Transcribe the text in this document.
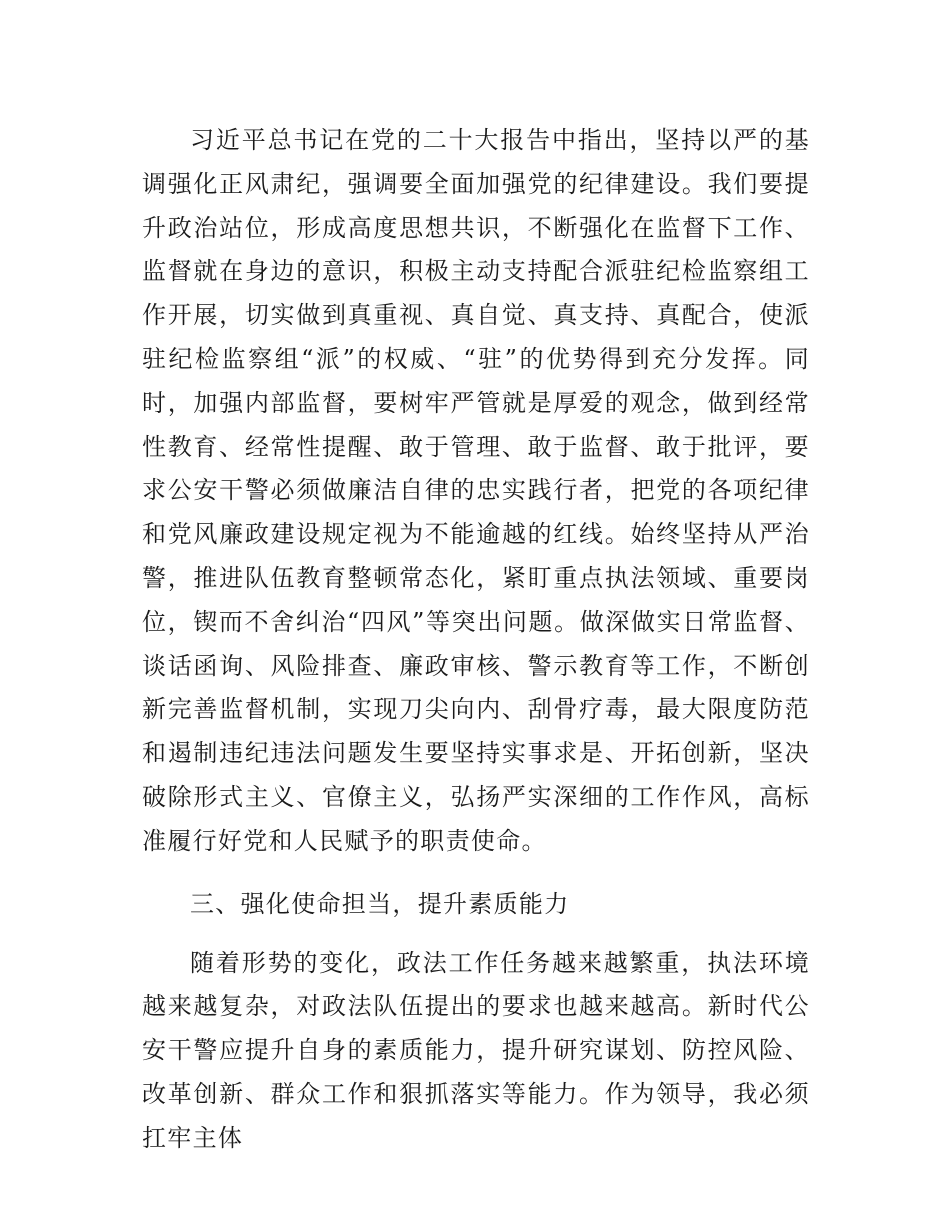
习近平总书记在党的二十大报告中指出，坚持以严的基调强化正风肃纪，强调要全面加强党的纪律建设。我们要提升政治站位，形成高度思想共识，不断强化在监督下工作、监督就在身边的意识，积极主动支持配合派驻纪检监察组工作开展，切实做到真重视、真自觉、真支持、真配合，使派驻纪检监察组“派”的权威、“驻”的优势得到充分发挥。同时，加强内部监督，要树牢严管就是厚爱的观念，做到经常性教育、经常性提醒、敢于管理、敢于监督、敢于批评，要求公安干警必须做廉洁自律的忠实践行者，把党的各项纪律和党风廉政建设规定视为不能逾越的红线。始终坚持从严治警，推进队伍教育整顿常态化，紧盯重点执法领域、重要岗位，锲而不舍纠治“四风”等突出问题。做深做实日常监督、谈话函询、风险排查、廉政审核、警示教育等工作，不断创新完善监督机制，实现刀尖向内、刮骨疗毒，最大限度防范和遏制违纪违法问题发生要坚持实事求是、开拓创新，坚决破除形式主义、官僚主义，弘扬严实深细的工作作风，高标准履行好党和人民赋予的职责使命。

三、强化使命担当，提升素质能力

随着形势的变化，政法工作任务越来越繁重，执法环境越来越复杂，对政法队伍提出的要求也越来越高。新时代公安干警应提升自身的素质能力，提升研究谋划、防控风险、改革创新、群众工作和狠抓落实等能力。作为领导，我必须扛牢主体
